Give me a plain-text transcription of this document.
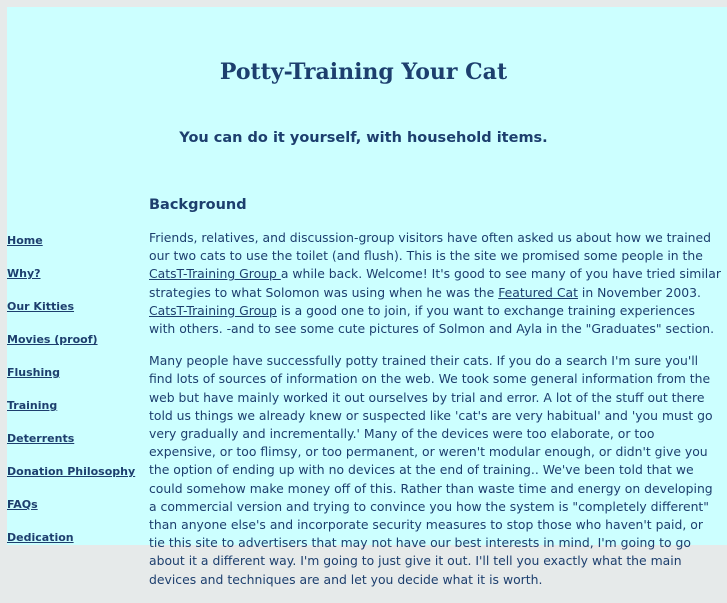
Potty-Training Your Cat
You can do it yourself, with household items.
Home
Why?
Our Kitties
Movies (proof)
Flushing
Training
Deterrents
Donation Philosophy
FAQs
Dedication
Background

Friends, relatives, and discussion-group visitors have often asked us about how we trained our two cats to use the toilet (and flush). This is the site we promised some people in the CatsT-Training Group a while back. Welcome! It's good to see many of you have tried similar strategies to what Solomon was using when he was the Featured Cat in November 2003. CatsT-Training Group is a good one to join, if you want to exchange training experiences with others. -and to see some cute pictures of Solmon and Ayla in the "Graduates" section.

Many people have successfully potty trained their cats. If you do a search I'm sure you'll find lots of sources of information on the web. We took some general information from the web but have mainly worked it out ourselves by trial and error. A lot of the stuff out there told us things we already knew or suspected like 'cat's are very habitual' and 'you must go very gradually and incrementally.' Many of the devices were too elaborate, or too expensive, or too flimsy, or too permanent, or weren't modular enough, or didn't give you the option of ending up with no devices at the end of training.. We've been told that we could somehow make money off of this. Rather than waste time and energy on developing a commercial version and trying to convince you how the system is "completely different" than anyone else's and incorporate security measures to stop those who haven't paid, or tie this site to advertisers that may not have our best interests in mind, I'm going to go about it a different way. I'm going to just give it out. I'll tell you exactly what the main devices and techniques are and let you decide what it is worth.
